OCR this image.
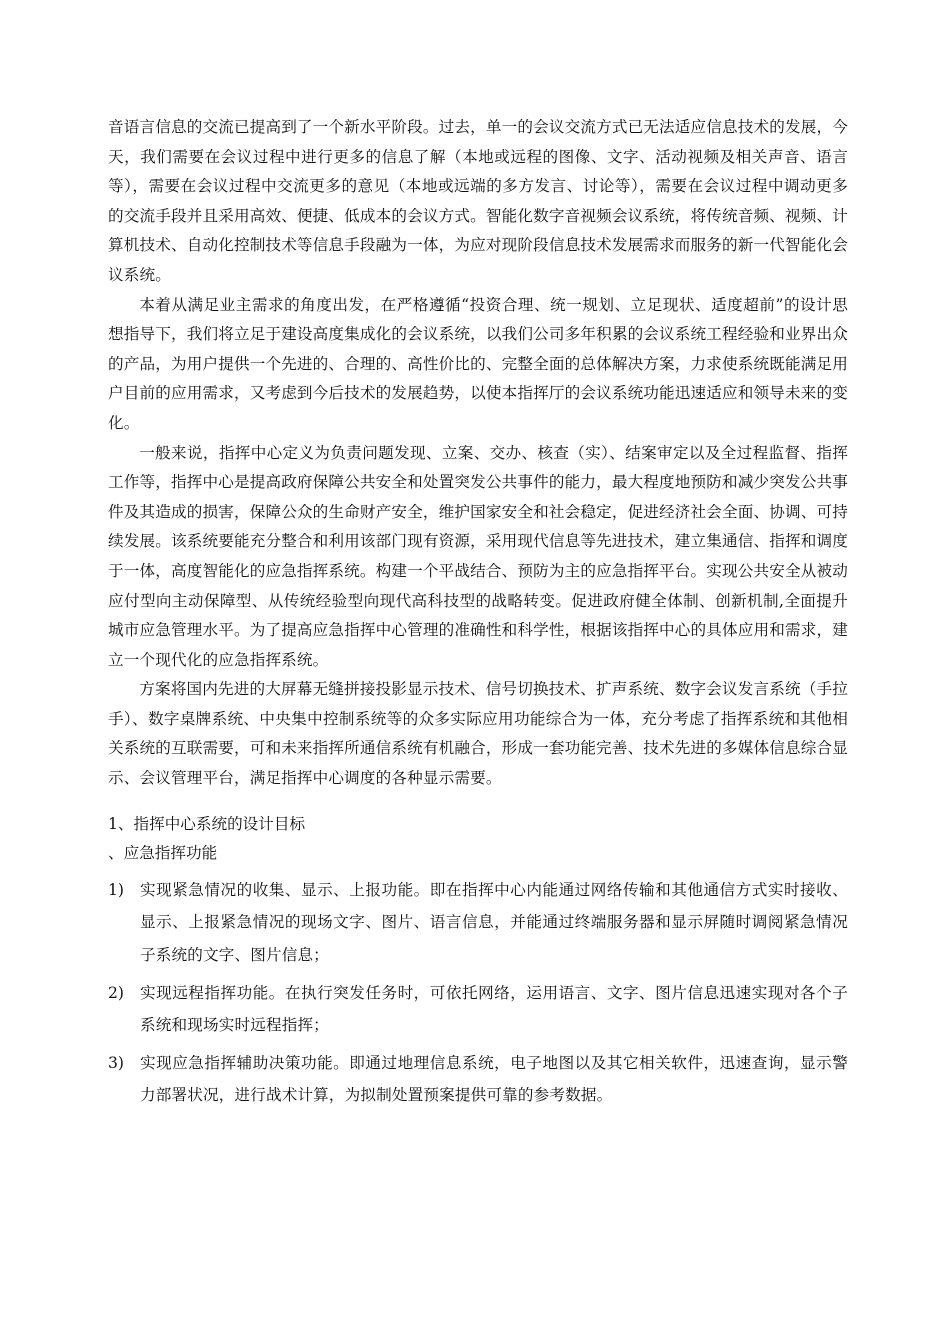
音语言信息的交流已提高到了一个新水平阶段。过去，单一的会议交流方式已无法适应信息技术的发展，今天，我们需要在会议过程中进行更多的信息了解（本地或远程的图像、文字、活动视频及相关声音、语言等），需要在会议过程中交流更多的意见（本地或远端的多方发言、讨论等），需要在会议过程中调动更多的交流手段并且采用高效、便捷、低成本的会议方式。智能化数字音视频会议系统，将传统音频、视频、计算机技术、自动化控制技术等信息手段融为一体，为应对现阶段信息技术发展需求而服务的新一代智能化会议系统。

本着从满足业主需求的角度出发，在严格遵循“投资合理、统一规划、立足现状、适度超前”的设计思想指导下，我们将立足于建设高度集成化的会议系统，以我们公司多年积累的会议系统工程经验和业界出众的产品，为用户提供一个先进的、合理的、高性价比的、完整全面的总体解决方案，力求使系统既能满足用户目前的应用需求，又考虑到今后技术的发展趋势，以使本指挥厅的会议系统功能迅速适应和领导未来的变化。

一般来说，指挥中心定义为负责问题发现、立案、交办、核查（实）、结案审定以及全过程监督、指挥工作等，指挥中心是提高政府保障公共安全和处置突发公共事件的能力，最大程度地预防和减少突发公共事件及其造成的损害，保障公众的生命财产安全，维护国家安全和社会稳定，促进经济社会全面、协调、可持续发展。该系统要能充分整合和利用该部门现有资源，采用现代信息等先进技术，建立集通信、指挥和调度于一体，高度智能化的应急指挥系统。构建一个平战结合、预防为主的应急指挥平台。实现公共安全从被动应付型向主动保障型、从传统经验型向现代高科技型的战略转变。促进政府健全体制、创新机制,全面提升城市应急管理水平。为了提高应急指挥中心管理的准确性和科学性，根据该指挥中心的具体应用和需求，建立一个现代化的应急指挥系统。

方案将国内先进的大屏幕无缝拼接投影显示技术、信号切换技术、扩声系统、数字会议发言系统（手拉手）、数字桌牌系统、中央集中控制系统等的众多实际应用功能综合为一体，充分考虑了指挥系统和其他相关系统的互联需要，可和未来指挥所通信系统有机融合，形成一套功能完善、技术先进的多媒体信息综合显示、会议管理平台，满足指挥中心调度的各种显示需要。

1、指挥中心系统的设计目标

、应急指挥功能

1)	实现紧急情况的收集、显示、上报功能。即在指挥中心内能通过网络传输和其他通信方式实时接收、显示、上报紧急情况的现场文字、图片、语言信息，并能通过终端服务器和显示屏随时调阅紧急情况子系统的文字、图片信息；
2)	实现远程指挥功能。在执行突发任务时，可依托网络，运用语言、文字、图片信息迅速实现对各个子系统和现场实时远程指挥；
3)	实现应急指挥辅助决策功能。即通过地理信息系统，电子地图以及其它相关软件，迅速查询，显示警力部署状况，进行战术计算，为拟制处置预案提供可靠的参考数据。
